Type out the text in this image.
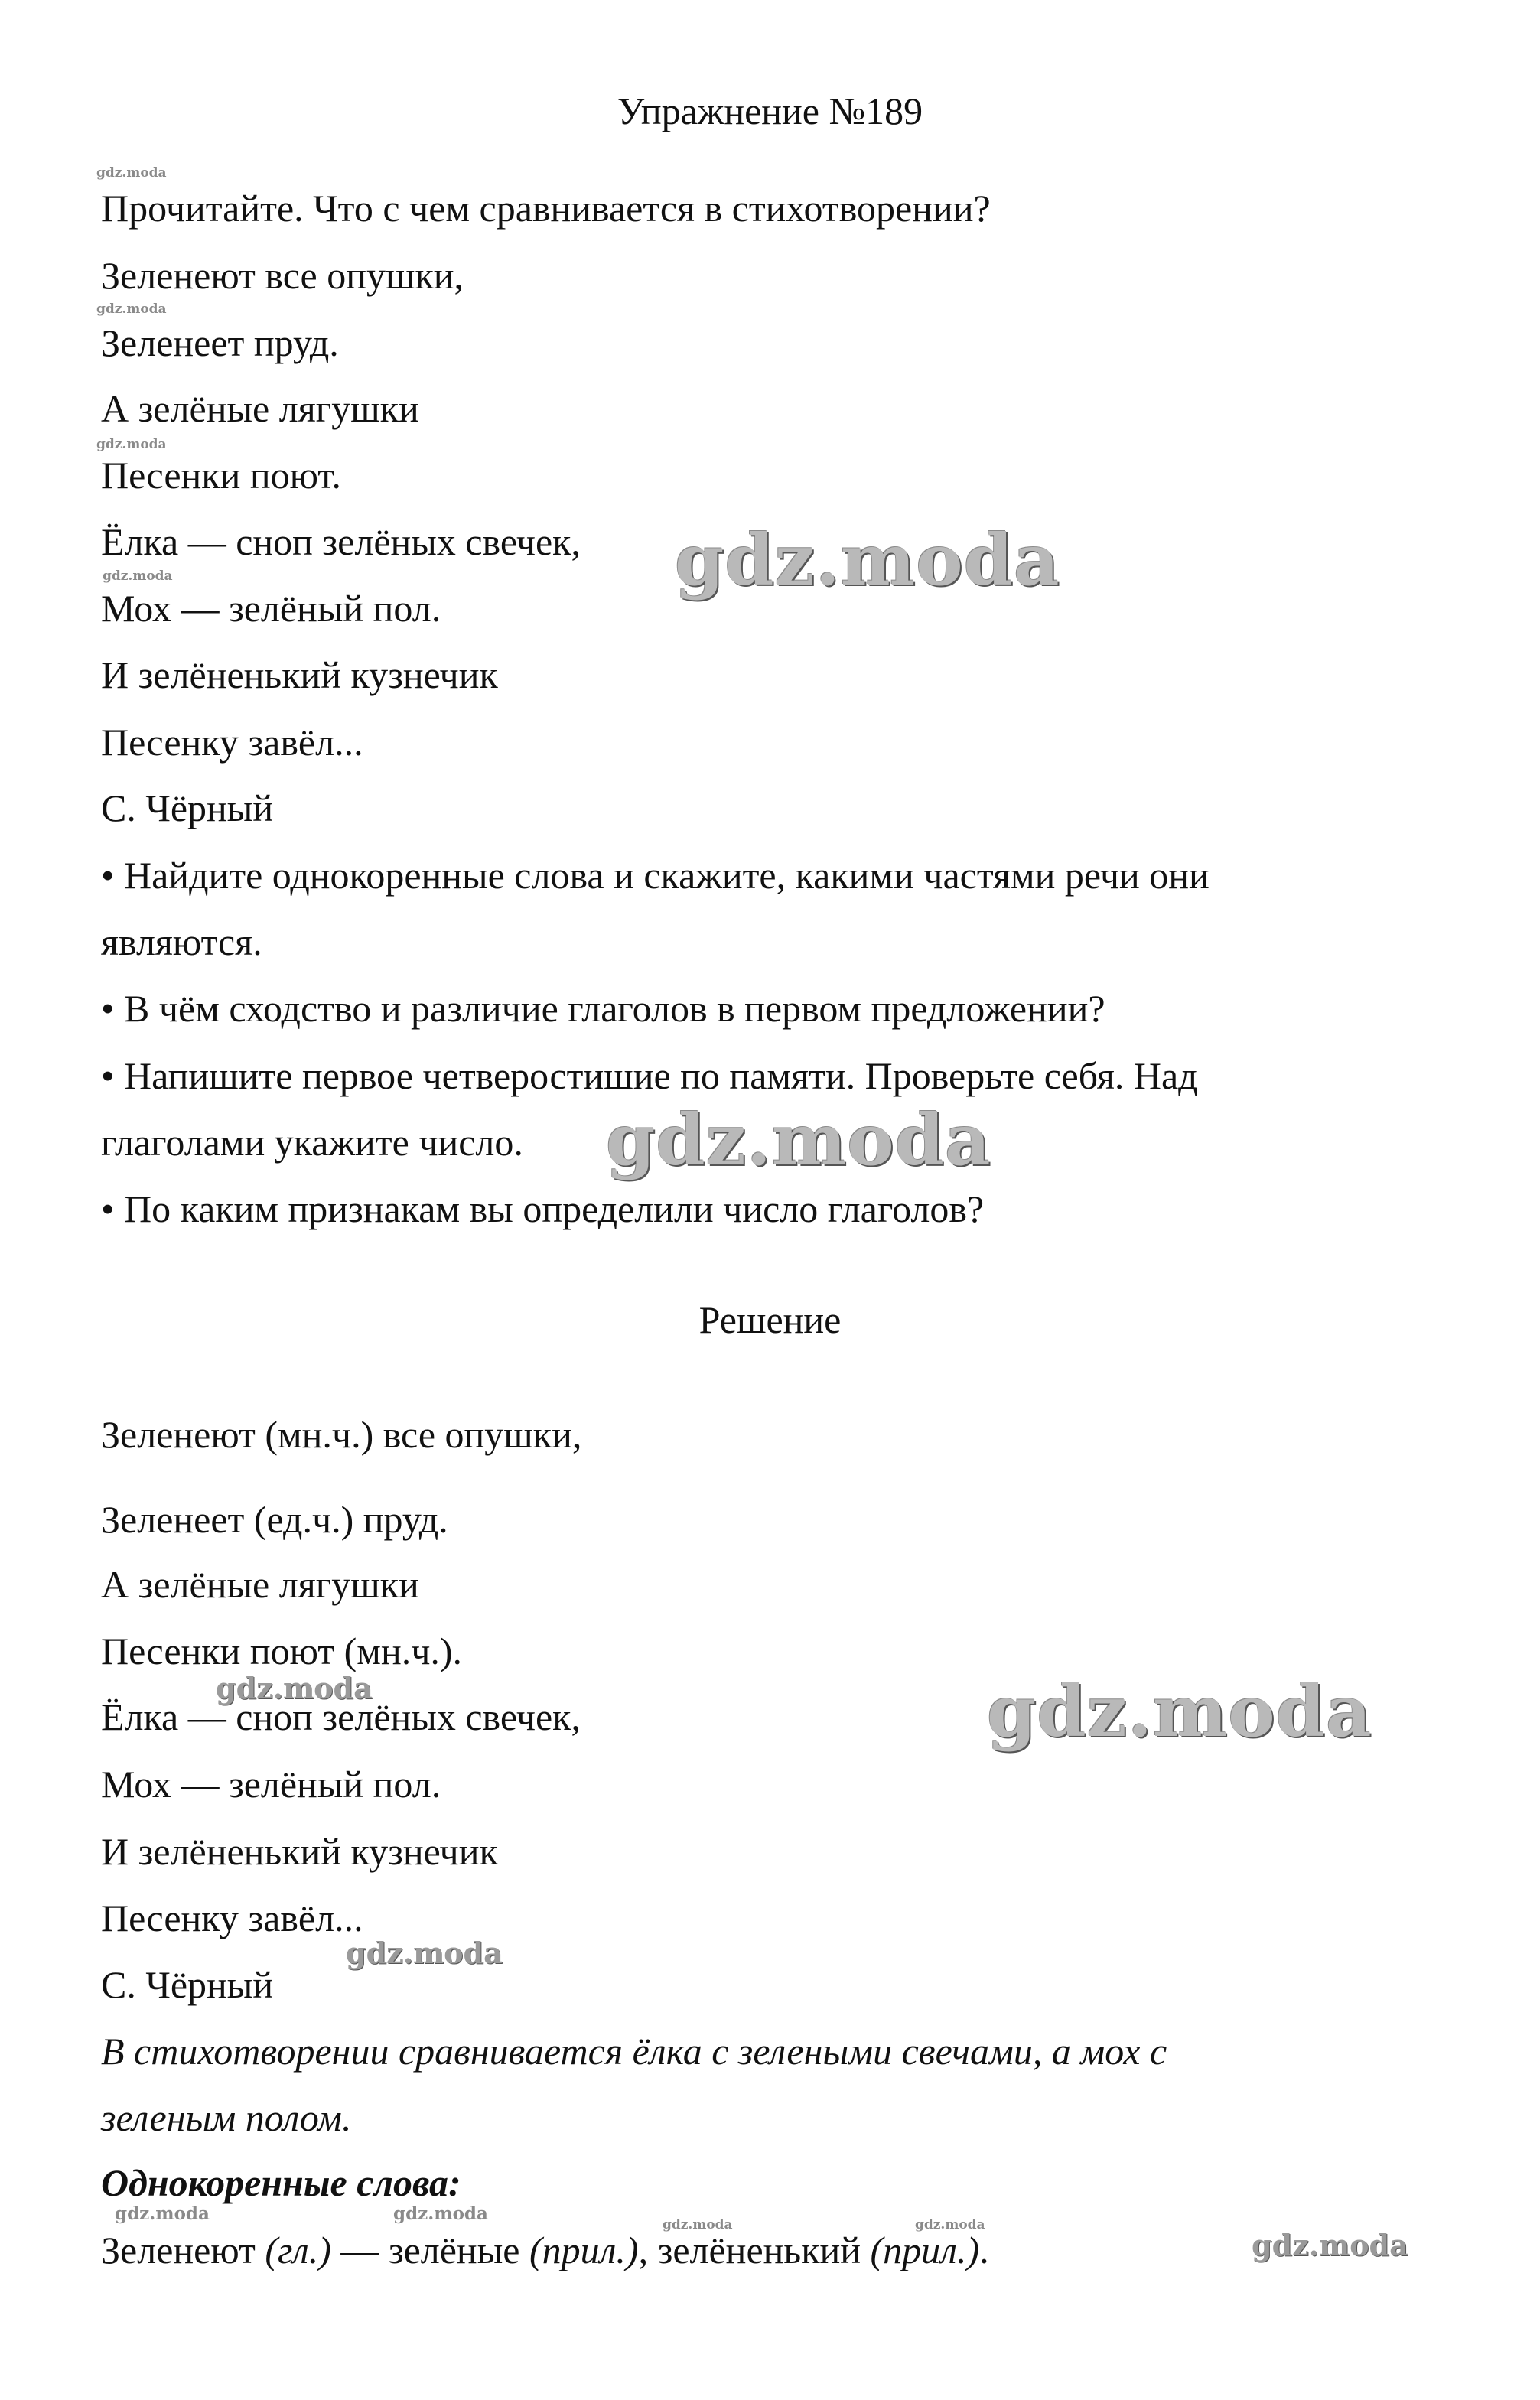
Упражнение №189
Прочитайте. Что с чем сравнивается в стихотворении?
Зеленеют все опушки,
Зеленеет пруд.
А зелёные лягушки
Песенки поют.
Ёлка — сноп зелёных свечек,
Мох — зелёный пол.
И зелёненький кузнечик
Песенку завёл...
С. Чёрный
• Найдите однокоренные слова и скажите, какими частями речи они
являются.
• В чём сходство и различие глаголов в первом предложении?
• Напишите первое четверостишие по памяти. Проверьте себя. Над
глаголами укажите число.
• По каким признакам вы определили число глаголов?
Решение
Зеленеют (мн.ч.) все опушки,
Зеленеет (ед.ч.) пруд.
А зелёные лягушки
Песенки поют (мн.ч.).
Ёлка — сноп зелёных свечек,
Мох — зелёный пол.
И зелёненький кузнечик
Песенку завёл...
С. Чёрный
В стихотворении сравнивается ёлка с зелеными свечами, а мох с
зеленым полом.
Однокоренные слова:
Зеленеют (гл.) — зелёные (прил.), зелёненький (прил.).
gdz.moda
gdz.moda
gdz.moda
gdz.moda	gdz.moda
gdz.moda
gdz.moda	gdz.moda
gdz.moda
gdz.moda	gdz.moda
gdz.moda	gdz.moda
gdz.moda
